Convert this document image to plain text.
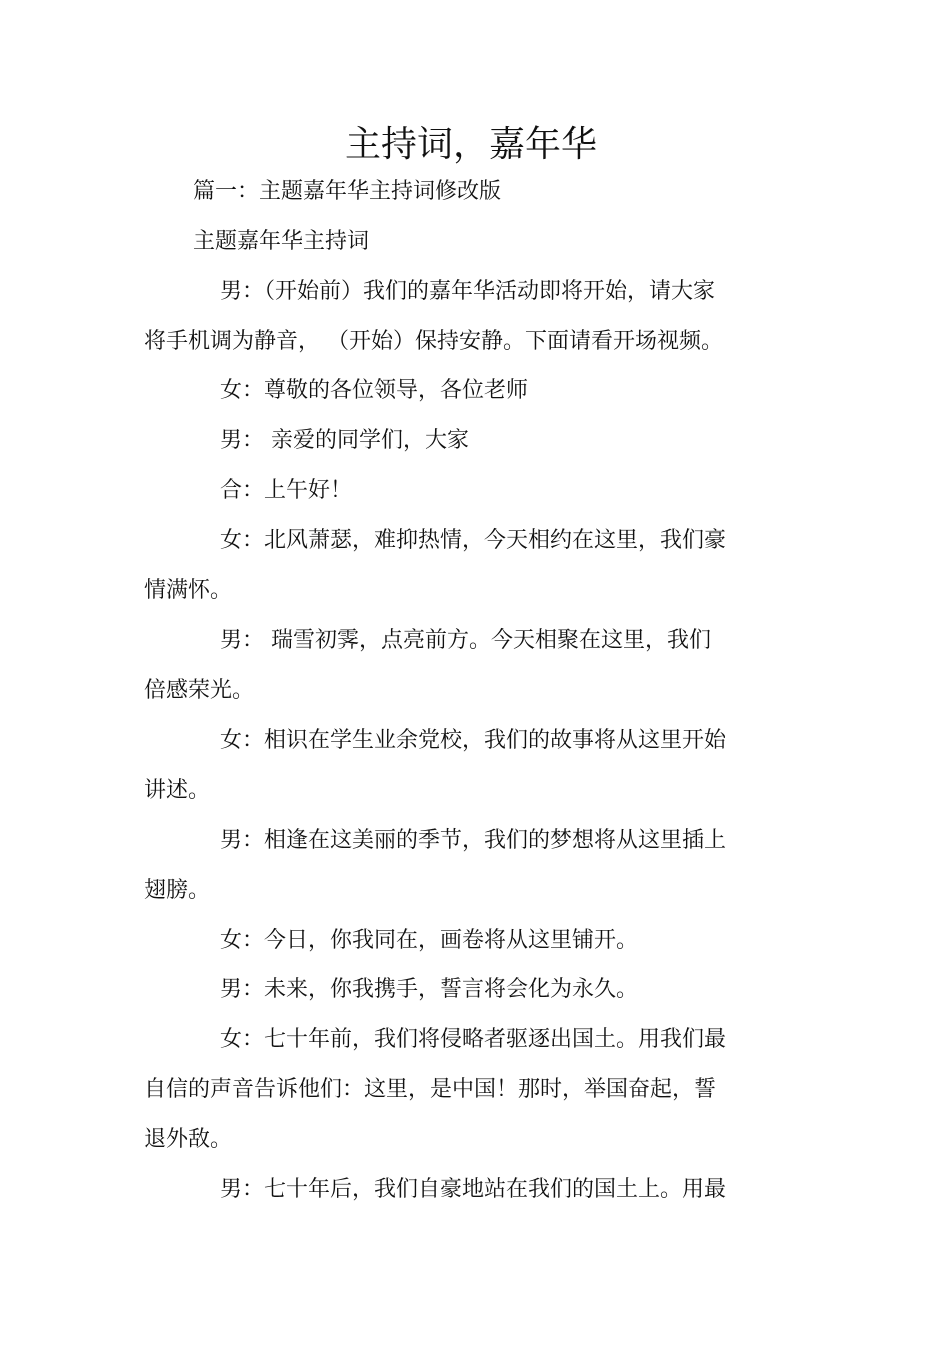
主持词，嘉年华

篇一：主题嘉年华主持词修改版

主题嘉年华主持词

男：（开始前）我们的嘉年华活动即将开始，请大家

将手机调为静音， （开始）保持安静。下面请看开场视频。

女：尊敬的各位领导，各位老师

男： 亲爱的同学们，大家

合：上午好！

女：北风萧瑟，难抑热情，今天相约在这里，我们豪

情满怀。

男： 瑞雪初霁，点亮前方。今天相聚在这里，我们

倍感荣光。

女：相识在学生业余党校，我们的故事将从这里开始

讲述。

男：相逢在这美丽的季节，我们的梦想将从这里插上

翅膀。

女：今日，你我同在，画卷将从这里铺开。

男：未来，你我携手，誓言将会化为永久。

女：七十年前，我们将侵略者驱逐出国土。用我们最

自信的声音告诉他们：这里，是中国！那时，举国奋起，誓

退外敌。

男：七十年后，我们自豪地站在我们的国土上。用最
